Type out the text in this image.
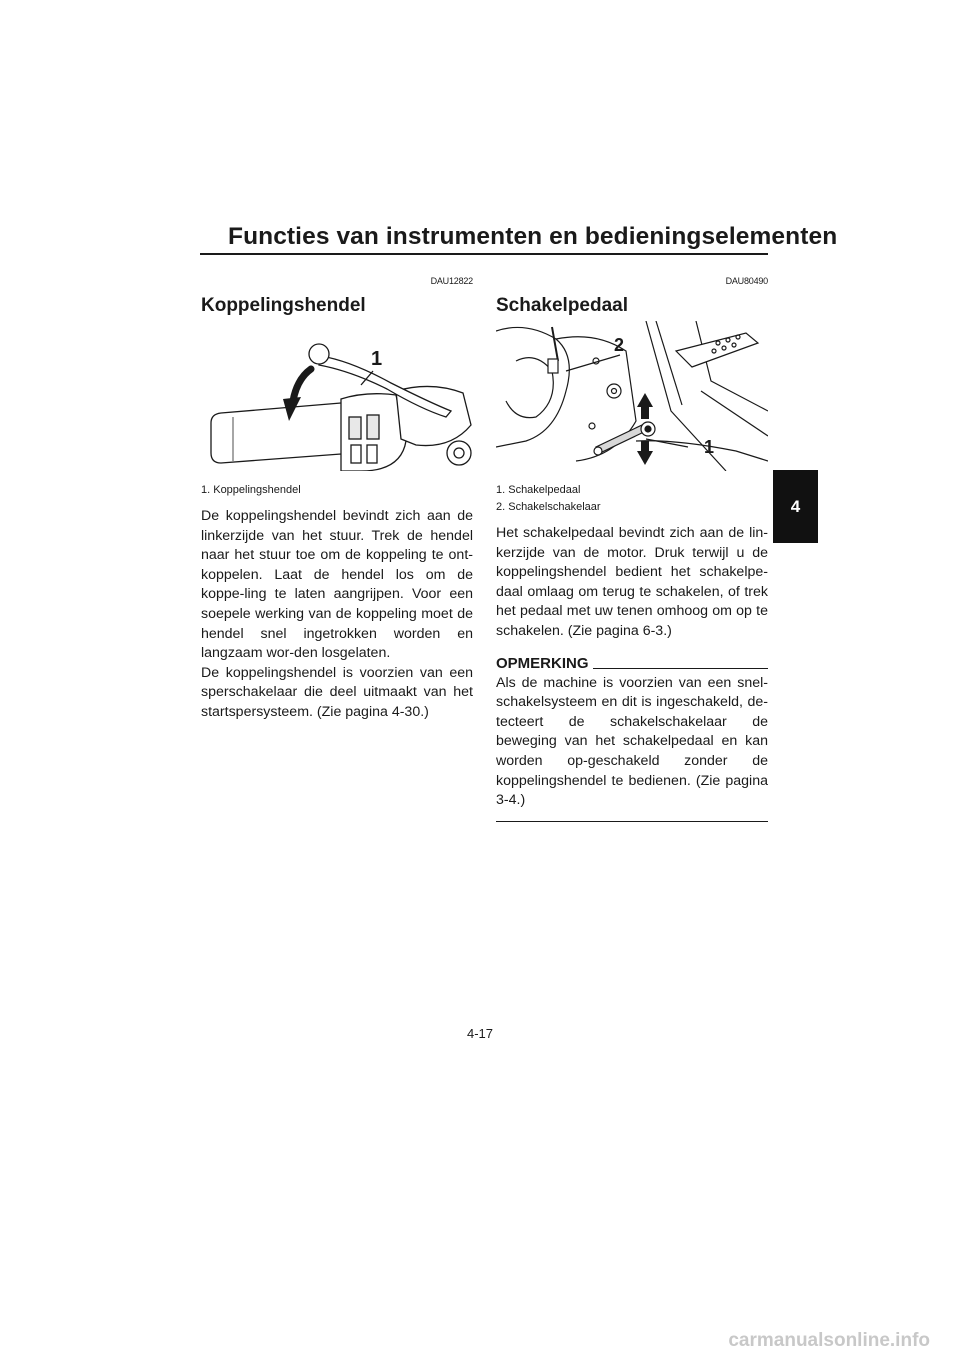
Functies van instrumenten en bedieningselementen
4
DAU12822
Koppelingshendel
1
1. Koppelingshendel

De koppelingshendel bevindt zich aan de linkerzijde van het stuur. Trek de hendel naar het stuur toe om de koppeling te ont-koppelen. Laat de hendel los om de koppe-ling te laten aangrijpen. Voor een soepele werking van de koppeling moet de hendel snel ingetrokken worden en langzaam wor-den losgelaten.

De koppelingshendel is voorzien van een sperschakelaar die deel uitmaakt van het startspersysteem. (Zie pagina 4-30.)

DAU80490
Schakelpedaal
2
1
1. Schakelpedaal
2. Schakelschakelaar

Het schakelpedaal bevindt zich aan de lin-kerzijde van de motor. Druk terwijl u de koppelingshendel bedient het schakelpe-daal omlaag om terug te schakelen, of trek het pedaal met uw tenen omhoog om op te schakelen. (Zie pagina 6-3.)

OPMERKING
Als de machine is voorzien van een snel-schakelsysteem en dit is ingeschakeld, de-tecteert de schakelschakelaar de beweging van het schakelpedaal en kan worden op-geschakeld zonder de koppelingshendel te bedienen. (Zie pagina 3-4.)
4-17
carmanualsonline.info
